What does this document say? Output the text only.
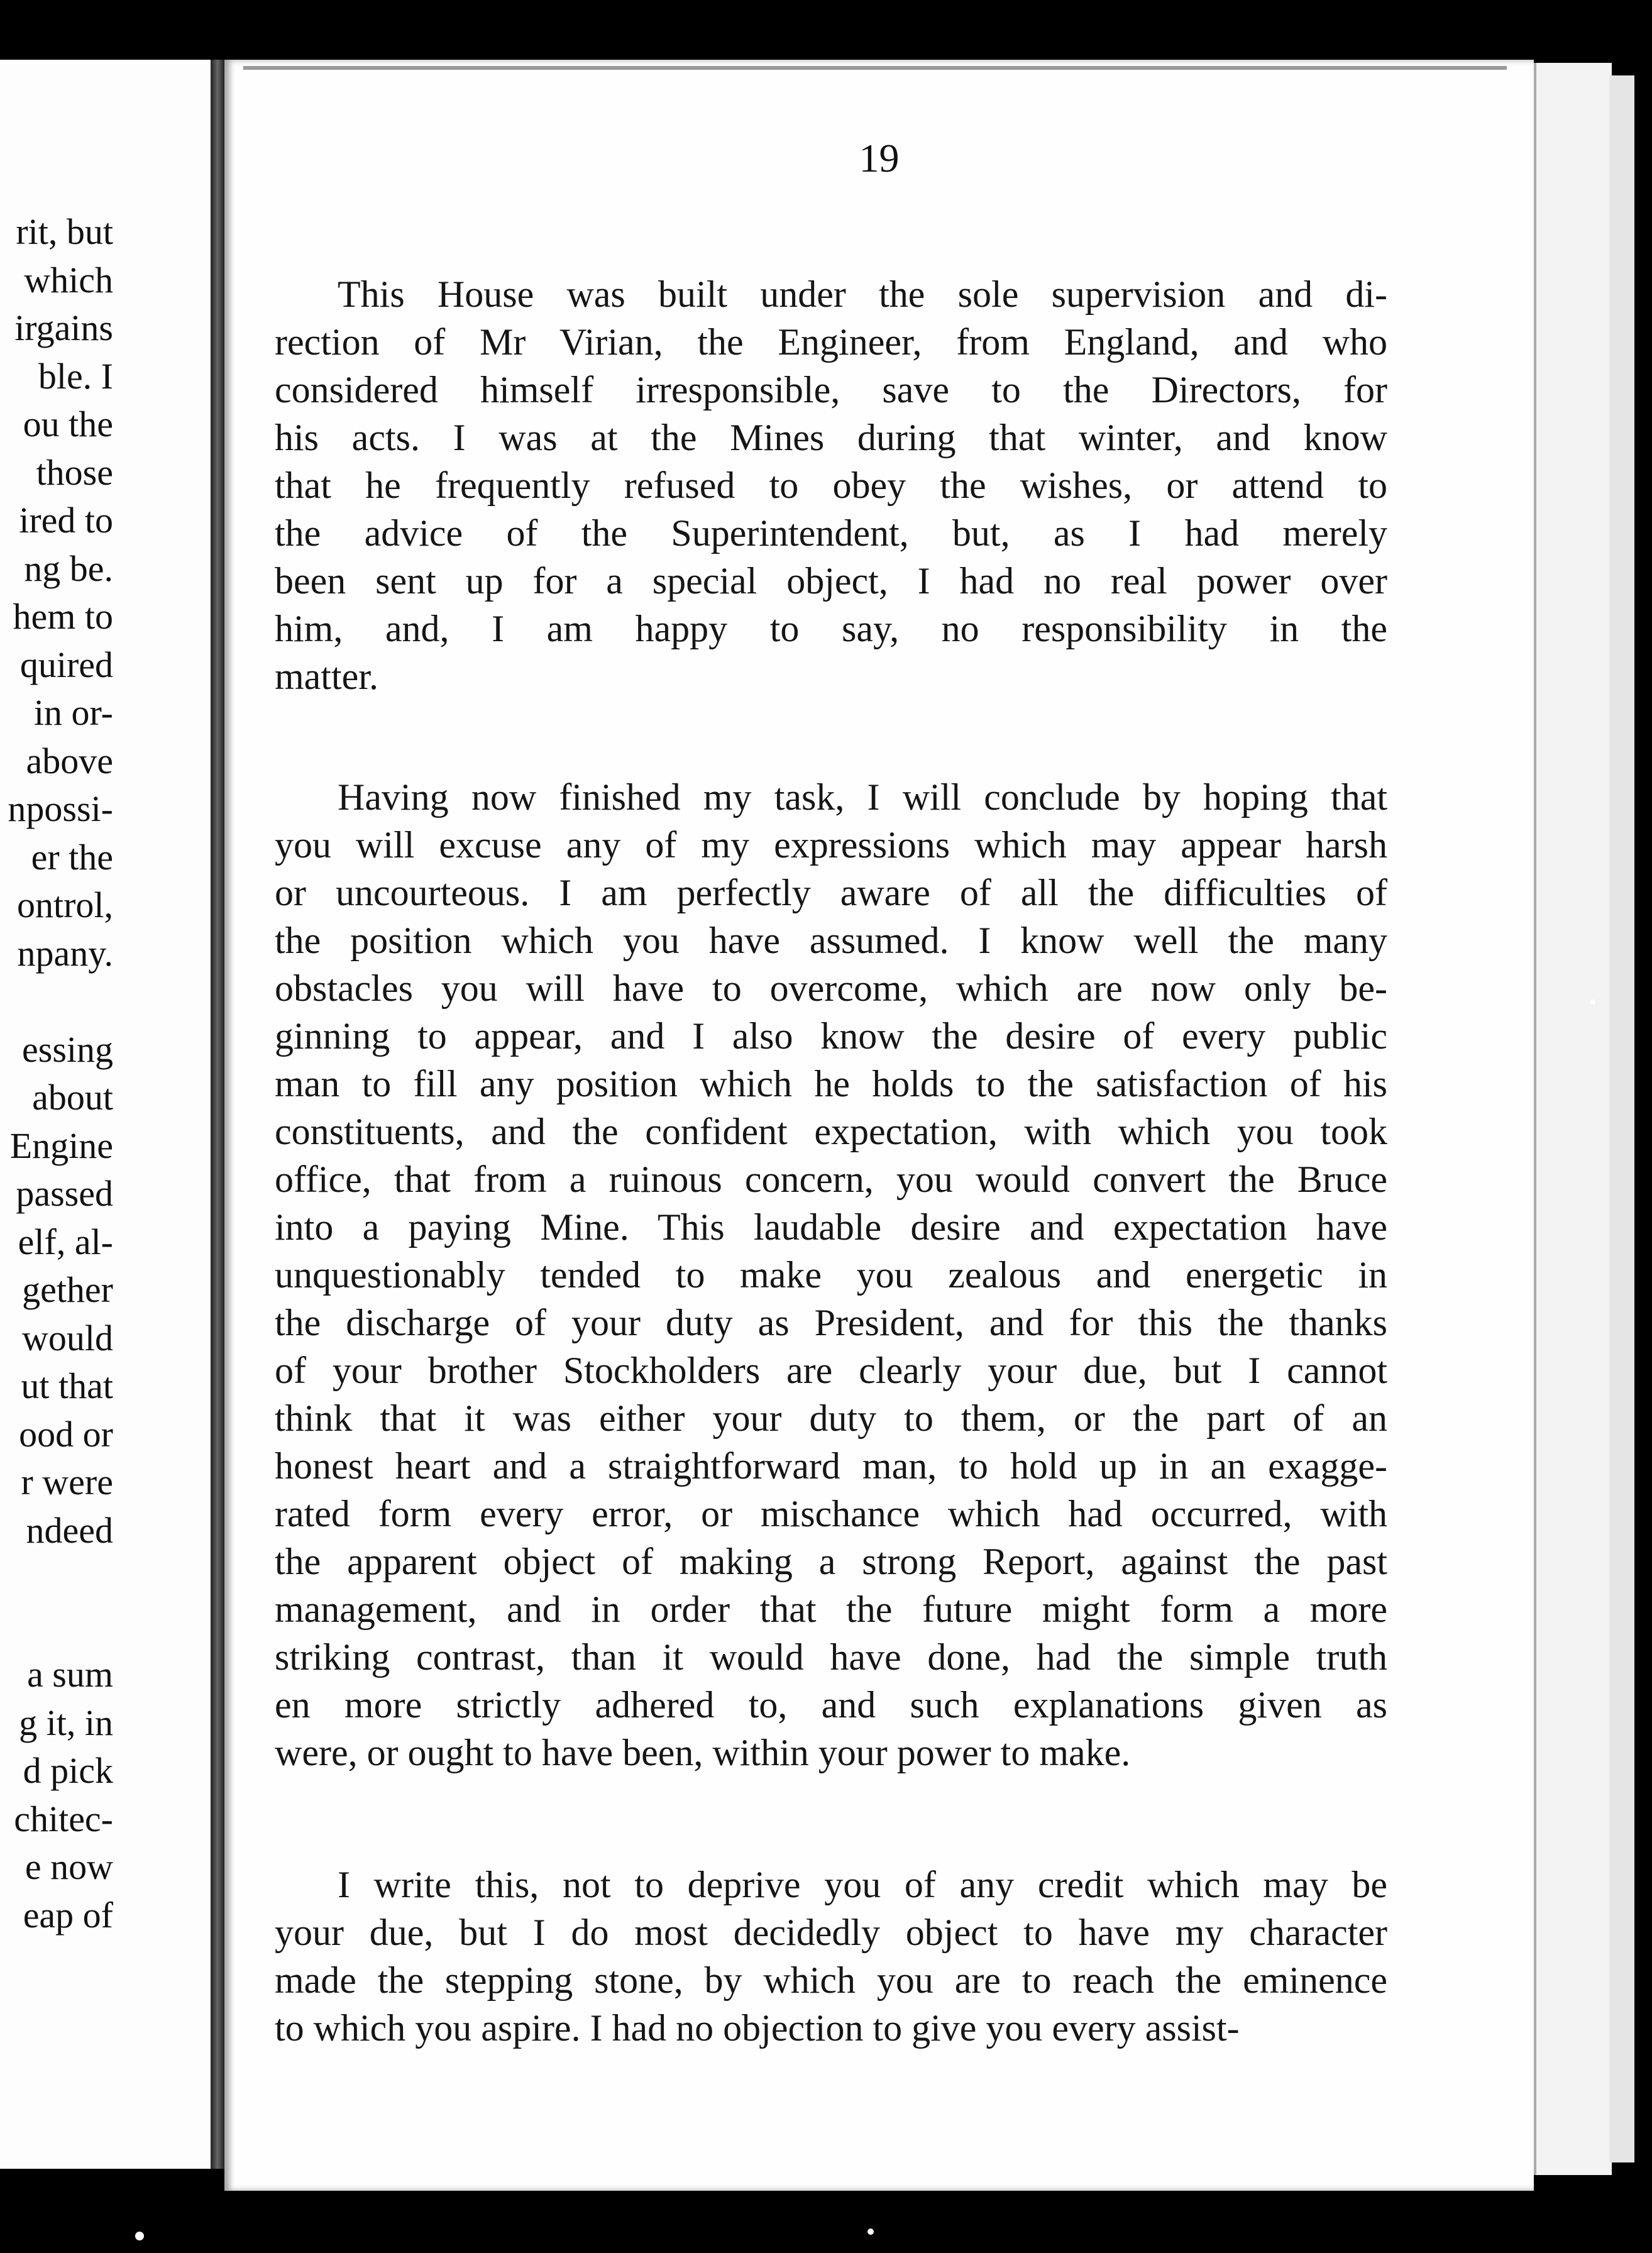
rit, but
which
irgains
ble. I
ou the
those
ired to
ng be.
hem to
quired
in or-
above
npossi-
er the
ontrol,
npany.
essing
about
Engine
passed
elf, al-
gether
would
ut that
ood or
r were
ndeed
a sum
g it, in
d pick
chitec-
e now
eap of
19
This House was built under the sole supervision and di-
rection of Mr Virian, the Engineer, from England, and who
considered himself irresponsible, save to the Directors, for
his acts. I was at the Mines during that winter, and know
that he frequently refused to obey the wishes, or attend to
the advice of the Superintendent, but, as I had merely
been sent up for a special object, I had no real power over
him, and, I am happy to say, no responsibility in the
matter.
Having now finished my task, I will conclude by hoping that
you will excuse any of my expressions which may appear harsh
or uncourteous. I am perfectly aware of all the difficulties of
the position which you have assumed. I know well the many
obstacles you will have to overcome, which are now only be-
ginning to appear, and I also know the desire of every public
man to fill any position which he holds to the satisfaction of his
constituents, and the confident expectation, with which you took
office, that from a ruinous concern, you would convert the Bruce
into a paying Mine. This laudable desire and expectation have
unquestionably tended to make you zealous and energetic in
the discharge of your duty as President, and for this the thanks
of your brother Stockholders are clearly your due, but I cannot
think that it was either your duty to them, or the part of an
honest heart and a straightforward man, to hold up in an exagge-
rated form every error, or mischance which had occurred, with
the apparent object of making a strong Report, against the past
management, and in order that the future might form a more
striking contrast, than it would have done, had the simple truth
en more strictly adhered to, and such explanations given as
were, or ought to have been, within your power to make.
I write this, not to deprive you of any credit which may be
your due, but I do most decidedly object to have my character
made the stepping stone, by which you are to reach the eminence
to which you aspire. I had no objection to give you every assist-
